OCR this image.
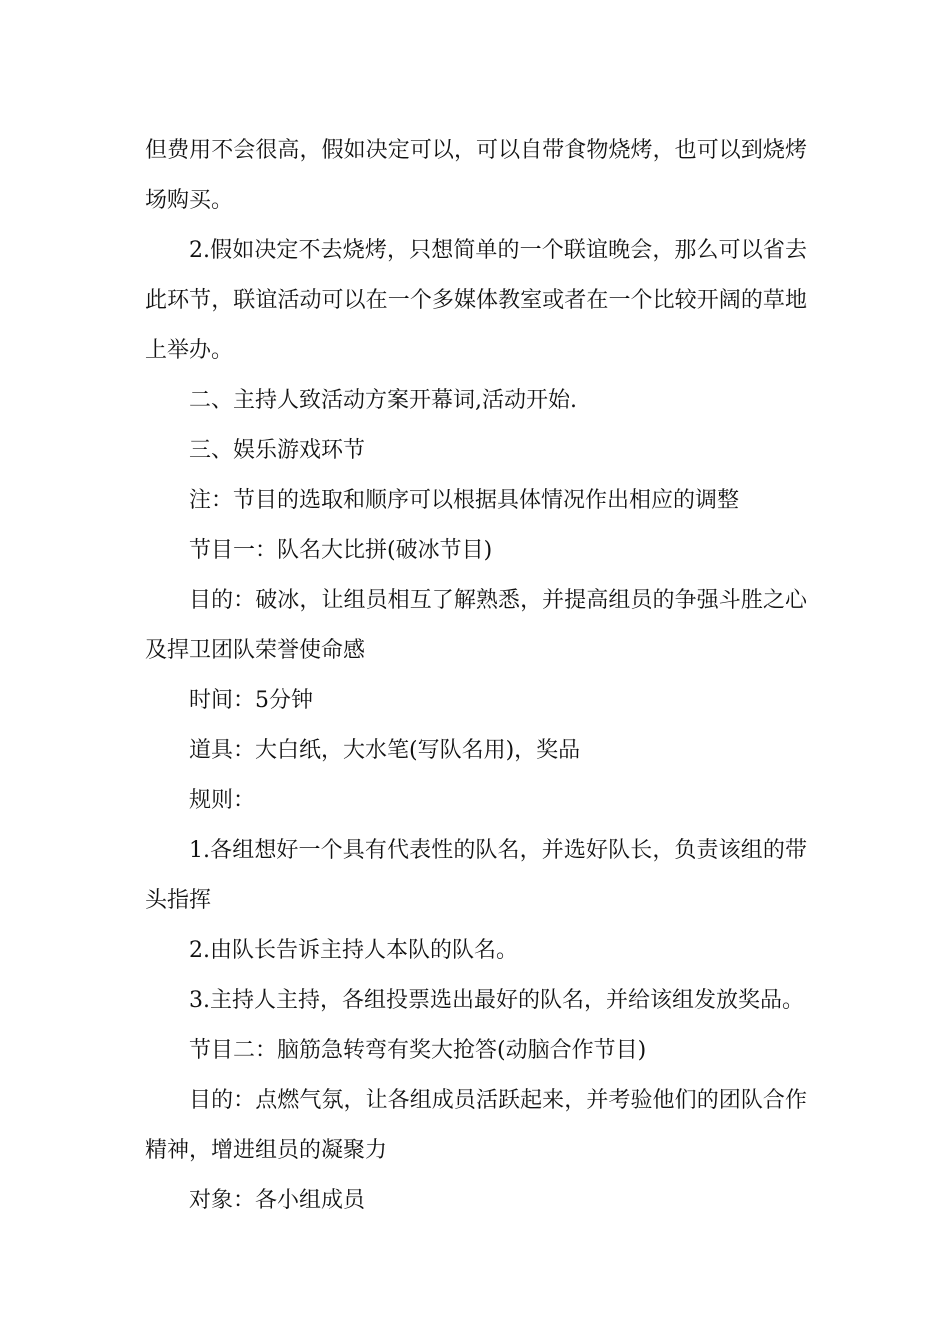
但费用不会很高，假如决定可以，可以自带食物烧烤，也可以到烧烤场购买。

2.假如决定不去烧烤，只想简单的一个联谊晚会，那么可以省去此环节，联谊活动可以在一个多媒体教室或者在一个比较开阔的草地上举办。

二、主持人致活动方案开幕词,活动开始.

三、娱乐游戏环节

注：节目的选取和顺序可以根据具体情况作出相应的调整

节目一：队名大比拼(破冰节目)

目的：破冰，让组员相互了解熟悉，并提高组员的争强斗胜之心及捍卫团队荣誉使命感

时间：5分钟

道具：大白纸，大水笔(写队名用)，奖品

规则：

1.各组想好一个具有代表性的队名，并选好队长，负责该组的带头指挥

2.由队长告诉主持人本队的队名。

3.主持人主持，各组投票选出最好的队名，并给该组发放奖品。

节目二：脑筋急转弯有奖大抢答(动脑合作节目)

目的：点燃气氛，让各组成员活跃起来，并考验他们的团队合作精神，增进组员的凝聚力

对象：各小组成员
